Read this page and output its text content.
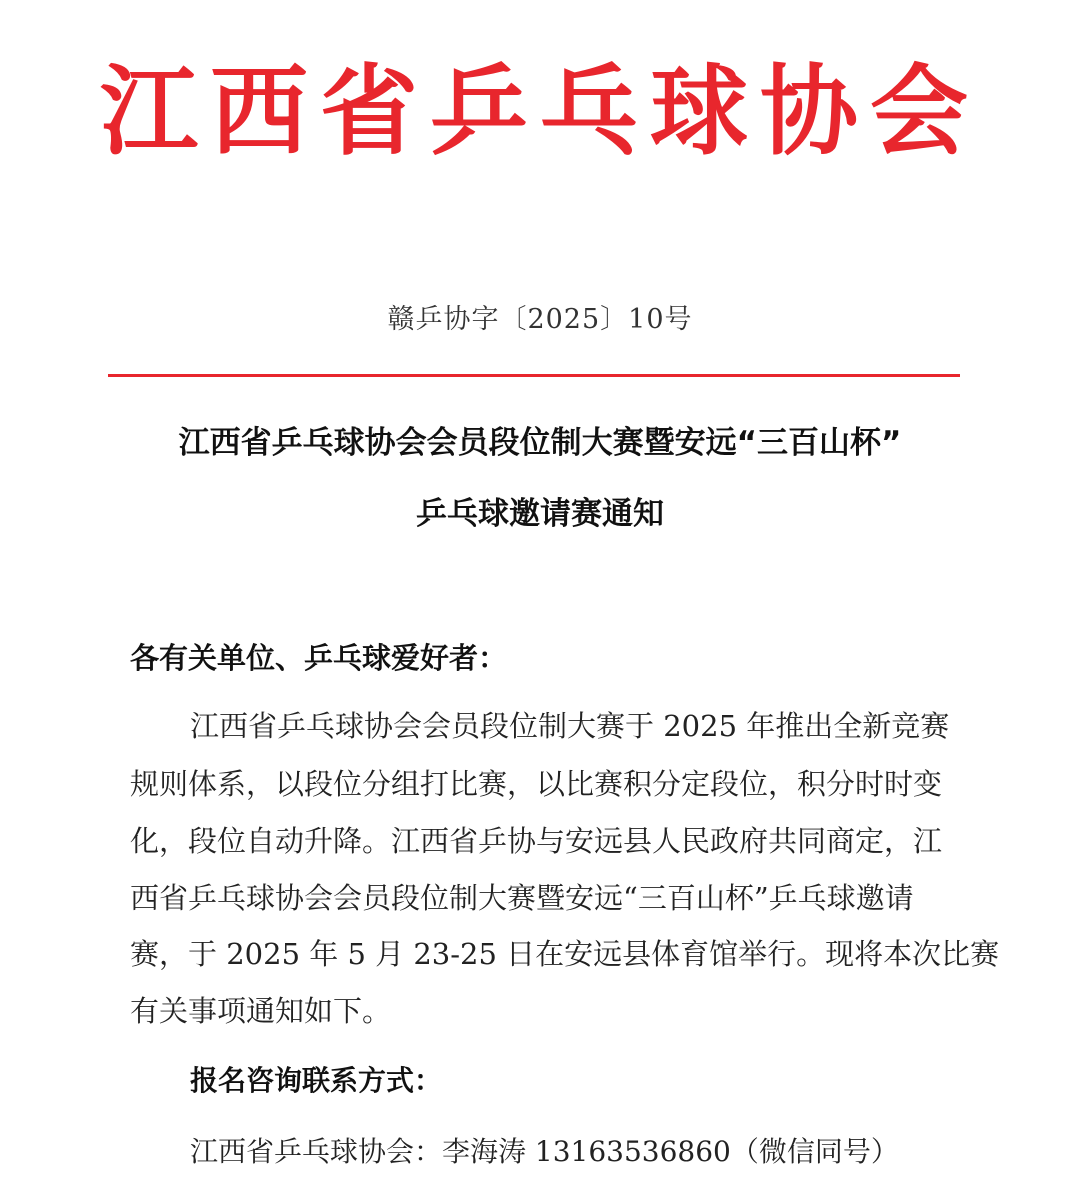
江西省乒乓球协会
赣乒协字〔2025〕10号
江西省乒乓球协会会员段位制大赛暨安远“三百山杯”
乒乓球邀请赛通知
各有关单位、乒乓球爱好者：
江西省乒乓球协会会员段位制大赛于 2025 年推出全新竞赛
规则体系，以段位分组打比赛，以比赛积分定段位，积分时时变
化，段位自动升降。江西省乒协与安远县人民政府共同商定，江
西省乒乓球协会会员段位制大赛暨安远“三百山杯”乒乓球邀请
赛，于 2025 年 5 月 23-25 日在安远县体育馆举行。现将本次比赛
有关事项通知如下。
报名咨询联系方式：
江西省乒乓球协会：李海涛 13163536860（微信同号）
